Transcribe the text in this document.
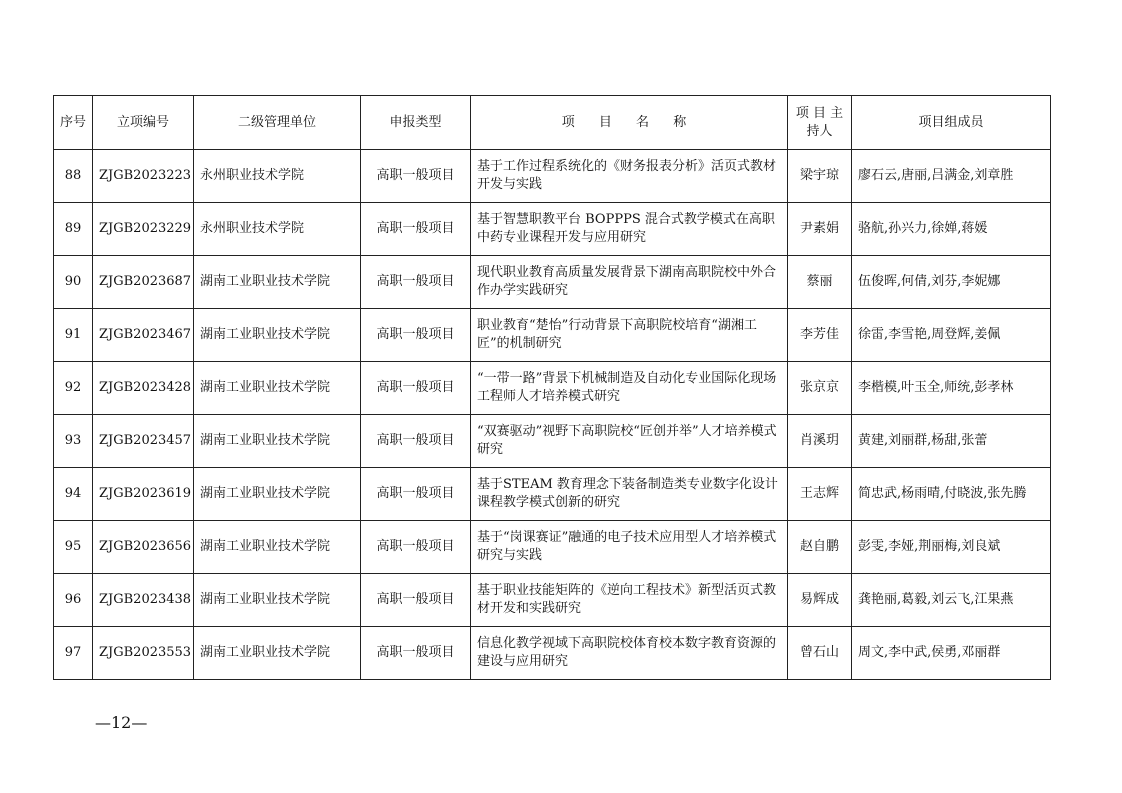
序号	立项编号	二级管理单位	申报类型	项 目 名 称	项 目 主持人	项目组成员
88	ZJGB2023223	永州职业技术学院	高职一般项目	基于工作过程系统化的《财务报表分析》活页式教材开发与实践	梁宇琼	廖石云,唐丽,吕满金,刘章胜
89	ZJGB2023229	永州职业技术学院	高职一般项目	基于智慧职教平台 BOPPPS 混合式教学模式在高职中药专业课程开发与应用研究	尹素娟	骆航,孙兴力,徐婵,蒋媛
90	ZJGB2023687	湖南工业职业技术学院	高职一般项目	现代职业教育高质量发展背景下湖南高职院校中外合作办学实践研究	蔡丽	伍俊晖,何倩,刘芬,李妮娜
91	ZJGB2023467	湖南工业职业技术学院	高职一般项目	职业教育“楚怡”行动背景下高职院校培育“湖湘工匠”的机制研究	李芳佳	徐雷,李雪艳,周登辉,姜佩
92	ZJGB2023428	湖南工业职业技术学院	高职一般项目	“一带一路”背景下机械制造及自动化专业国际化现场工程师人才培养模式研究	张京京	李楷模,叶玉全,师统,彭孝林
93	ZJGB2023457	湖南工业职业技术学院	高职一般项目	“双赛驱动”视野下高职院校“匠创并举”人才培养模式研究	肖溪玥	黄建,刘丽群,杨甜,张蕾
94	ZJGB2023619	湖南工业职业技术学院	高职一般项目	基于STEAM 教育理念下装备制造类专业数字化设计课程教学模式创新的研究	王志辉	简忠武,杨雨晴,付晓波,张先腾
95	ZJGB2023656	湖南工业职业技术学院	高职一般项目	基于“岗课赛证”融通的电子技术应用型人才培养模式研究与实践	赵自鹏	彭雯,李娅,荆丽梅,刘良斌
96	ZJGB2023438	湖南工业职业技术学院	高职一般项目	基于职业技能矩阵的《逆向工程技术》新型活页式教材开发和实践研究	易辉成	龚艳丽,葛毅,刘云飞,江果燕
97	ZJGB2023553	湖南工业职业技术学院	高职一般项目	信息化教学视域下高职院校体育校本数字教育资源的建设与应用研究	曾石山	周文,李中武,侯勇,邓丽群
—12—
